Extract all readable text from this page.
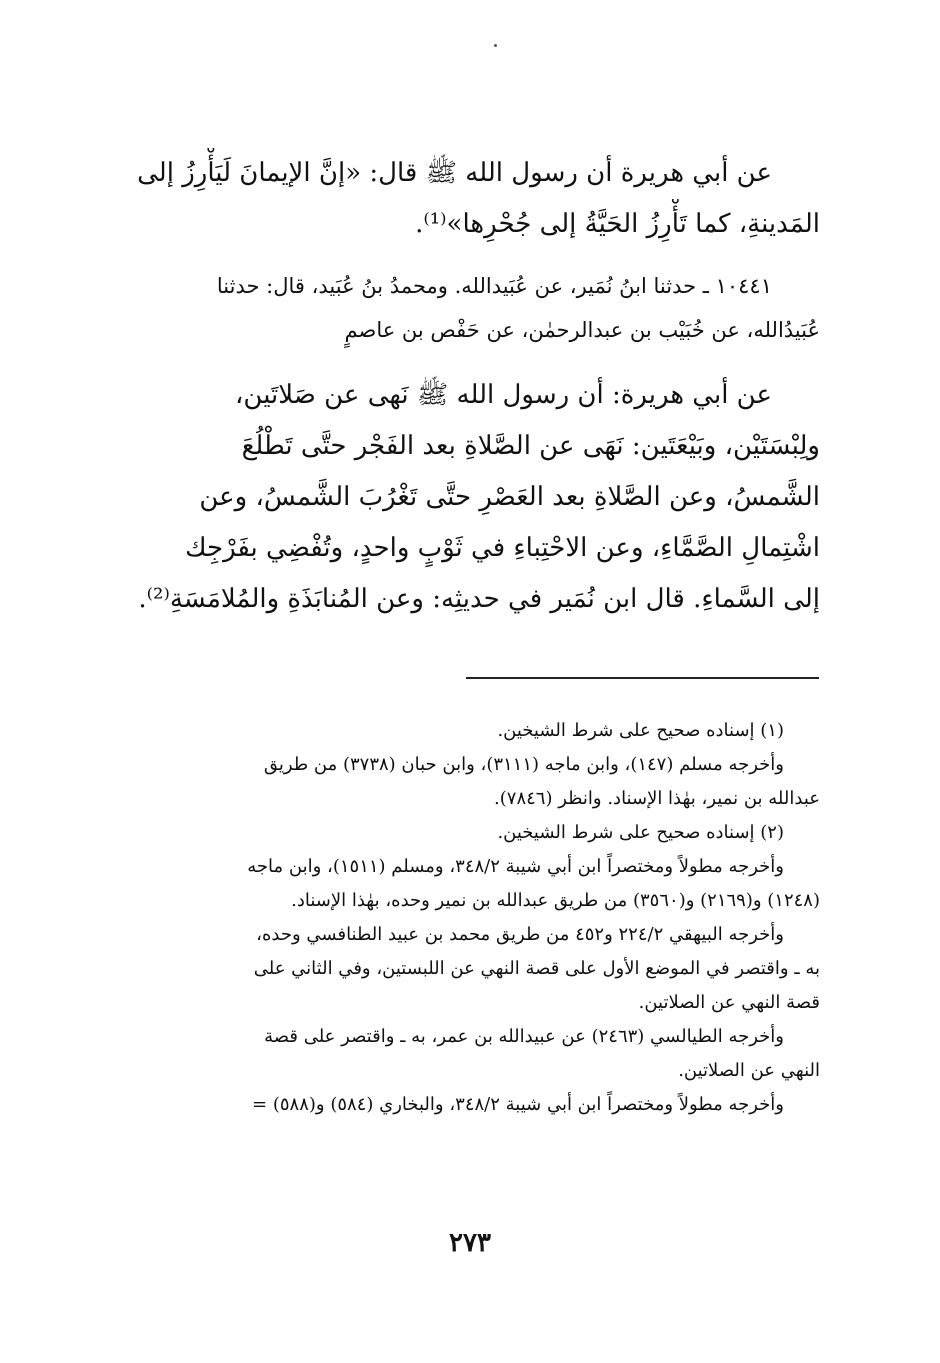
عن أبي هريرة أن رسول الله ﷺ قال: «إنَّ الإيمانَ لَيَأْرِزُ إلى
المَدينةِ، كما تَأْرِزُ الحَيَّةُ إلى جُحْرِها»⁽¹⁾.
١٠٤٤١ ـ حدثنا ابنُ نُمَير، عن عُبَيدالله. ومحمدُ بنُ عُبَيد، قال: حدثنا
عُبَيدُالله، عن خُبَيْب بن عبدالرحمٰن، عن حَفْص بن عاصمٍ
عن أبي هريرة: أن رسول الله ﷺ نَهى عن صَلاتَين،
ولِبْسَتَيْن، وبَيْعَتَين: نَهَى عن الصَّلاةِ بعد الفَجْر حتَّى تَطْلُعَ
الشَّمسُ، وعن الصَّلاةِ بعد العَصْرِ حتَّى تَغْرُبَ الشَّمسُ، وعن
اشْتِمالِ الصَّمَّاءِ، وعن الاحْتِباءِ في ثَوْبٍ واحدٍ، وتُفْضِي بفَرْجِك
إلى السَّماءِ. قال ابن نُمَير في حديثِه: وعن المُنابَذَةِ والمُلامَسَةِ⁽²⁾.
(١) إسناده صحيح على شرط الشيخين.
وأخرجه مسلم (١٤٧)، وابن ماجه (٣١١١)، وابن حبان (٣٧٣٨) من طريق
عبدالله بن نمير، بهٰذا الإسناد. وانظر (٧٨٤٦).
(٢) إسناده صحيح على شرط الشيخين.
وأخرجه مطولاً ومختصراً ابن أبي شيبة ٣٤٨/٢، ومسلم (١٥١١)، وابن ماجه
(١٢٤٨) و(٢١٦٩) و(٣٥٦٠) من طريق عبدالله بن نمير وحده، بهٰذا الإسناد.
وأخرجه البيهقي ٢٢٤/٢ و٤٥٢ من طريق محمد بن عبيد الطنافسي وحده،
به ـ واقتصر في الموضع الأول على قصة النهي عن اللبستين، وفي الثاني على
قصة النهي عن الصلاتين.
وأخرجه الطيالسي (٢٤٦٣) عن عبيدالله بن عمر، به ـ واقتصر على قصة
النهي عن الصلاتين.
وأخرجه مطولاً ومختصراً ابن أبي شيبة ٣٤٨/٢، والبخاري (٥٨٤) و(٥٨٨) =
٢٧٣
